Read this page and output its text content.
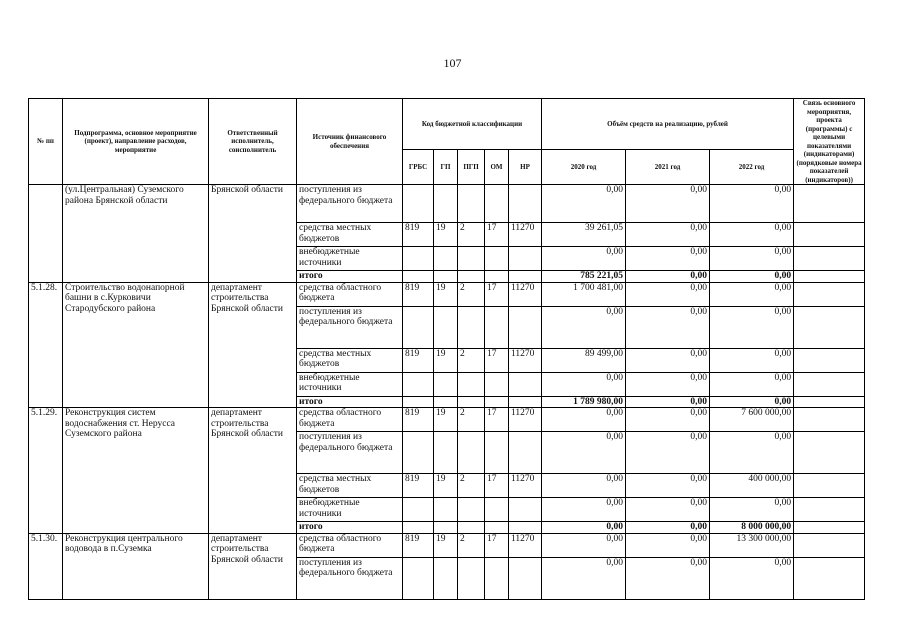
107
№ пп	Подпрограмма, основное мероприятие (проект), направление расходов, мероприятие	Ответственный исполнитель, соисполнитель	Источник финансового обеспечения	Код бюджетной классификации					Объём средств на реализацию, рублей			Связь основного мероприятия, проекта (программы) с целевыми показателями (индикаторами) (порядковые номера показателей (индикаторов))
				ГРБС	ГП	ПГП	ОМ	НР	2020 год	2021 год	2022 год	
	(ул.Центральная) Суземского района Брянской области	Брянской области	поступления из федерального бюджета						0,00	0,00	0,00	
			средства местных бюджетов	819	19	2	17	11270	39 261,05	0,00	0,00	
			внебюджетные источники						0,00	0,00	0,00	
			итого						785 221,05	0,00	0,00	
5.1.28.	Строительство водонапорной башни в с.Курковичи Стародубского района	департамент строительства Брянской области	средства областного бюджета	819	19	2	17	11270	1 700 481,00	0,00	0,00	
			поступления из федерального бюджета						0,00	0,00	0,00	
			средства местных бюджетов	819	19	2	17	11270	89 499,00	0,00	0,00	
			внебюджетные источники						0,00	0,00	0,00	
			итого						1 789 980,00	0,00	0,00	
5.1.29.	Реконструкция систем водоснабжения ст. Нерусса Суземского района	департамент строительства Брянской области	средства областного бюджета	819	19	2	17	11270	0,00	0,00	7 600 000,00	
			поступления из федерального бюджета						0,00	0,00	0,00	
			средства местных бюджетов	819	19	2	17	11270	0,00	0,00	400 000,00	
			внебюджетные источники						0,00	0,00	0,00	
			итого						0,00	0,00	8 000 000,00	
5.1.30.	Реконструкция центрального водовода в п.Суземка	департамент строительства Брянской области	средства областного бюджета	819	19	2	17	11270	0,00	0,00	13 300 000,00	
			поступления из федерального бюджета						0,00	0,00	0,00	
